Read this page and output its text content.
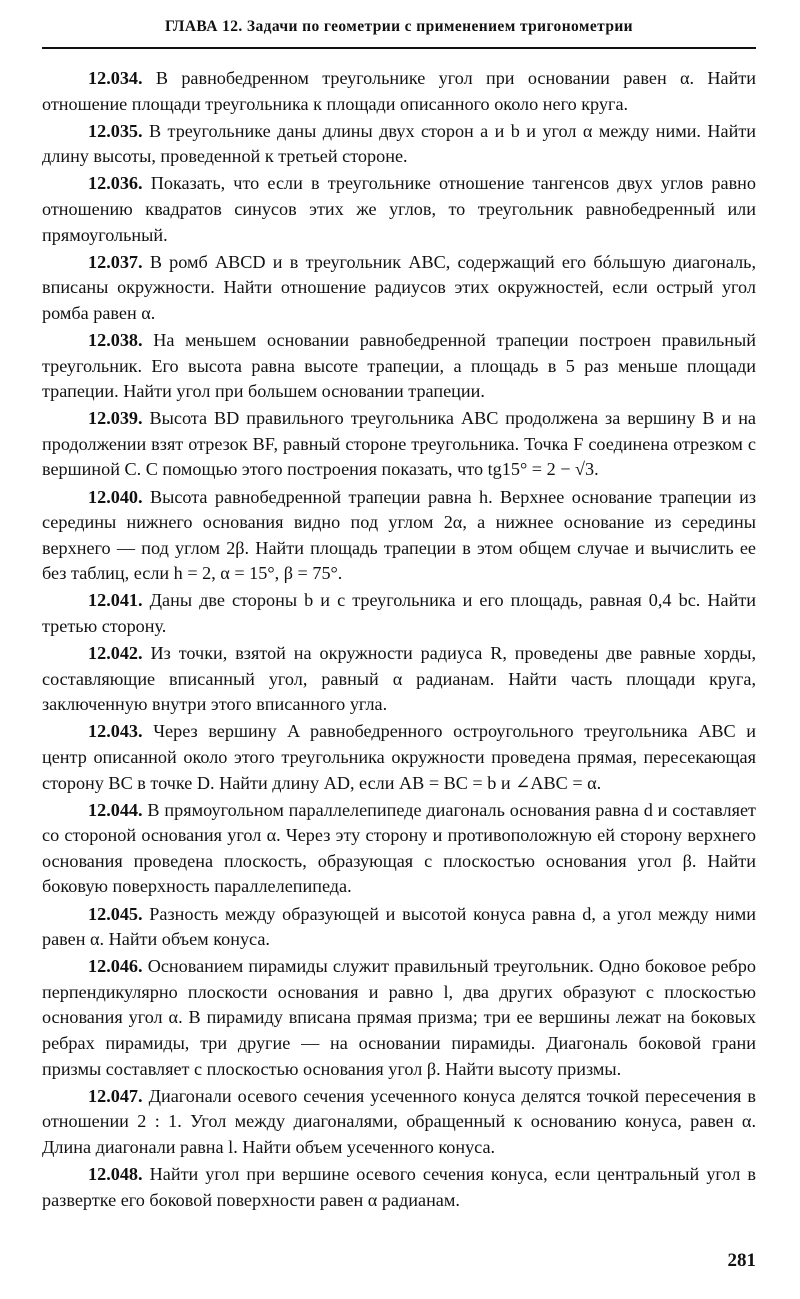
ГЛАВА 12. Задачи по геометрии с применением тригонометрии

12.034. В равнобедренном треугольнике угол при основании равен α. Найти отношение площади треугольника к площади описанного около него круга.

12.035. В треугольнике даны длины двух сторон a и b и угол α между ними. Найти длину высоты, проведенной к третьей стороне.

12.036. Показать, что если в треугольнике отношение тангенсов двух углов равно отношению квадратов синусов этих же углов, то треугольник равнобедренный или прямоугольный.

12.037. В ромб ABCD и в треугольник ABC, содержащий его бóльшую диагональ, вписаны окружности. Найти отношение радиусов этих окружностей, если острый угол ромба равен α.

12.038. На меньшем основании равнобедренной трапеции построен правильный треугольник. Его высота равна высоте трапеции, а площадь в 5 раз меньше площади трапеции. Найти угол при большем основании трапеции.

12.039. Высота BD правильного треугольника ABC продолжена за вершину B и на продолжении взят отрезок BF, равный стороне треугольника. Точка F соединена отрезком с вершиной C. С помощью этого построения показать, что tg15° = 2 − √3.

12.040. Высота равнобедренной трапеции равна h. Верхнее основание трапеции из середины нижнего основания видно под углом 2α, а нижнее основание из середины верхнего — под углом 2β. Найти площадь трапеции в этом общем случае и вычислить ее без таблиц, если h = 2, α = 15°, β = 75°.

12.041. Даны две стороны b и c треугольника и его площадь, равная 0,4 bc. Найти третью сторону.

12.042. Из точки, взятой на окружности радиуса R, проведены две равные хорды, составляющие вписанный угол, равный α радианам. Найти часть площади круга, заключенную внутри этого вписанного угла.

12.043. Через вершину A равнобедренного остроугольного треугольника ABC и центр описанной около этого треугольника окружности проведена прямая, пересекающая сторону BC в точке D. Найти длину AD, если AB = BC = b и ∠ABC = α.

12.044. В прямоугольном параллелепипеде диагональ основания равна d и составляет со стороной основания угол α. Через эту сторону и противоположную ей сторону верхнего основания проведена плоскость, образующая с плоскостью основания угол β. Найти боковую поверхность параллелепипеда.

12.045. Разность между образующей и высотой конуса равна d, а угол между ними равен α. Найти объем конуса.

12.046. Основанием пирамиды служит правильный треугольник. Одно боковое ребро перпендикулярно плоскости основания и равно l, два других образуют с плоскостью основания угол α. В пирамиду вписана прямая призма; три ее вершины лежат на боковых ребрах пирамиды, три другие — на основании пирамиды. Диагональ боковой грани призмы составляет с плоскостью основания угол β. Найти высоту призмы.

12.047. Диагонали осевого сечения усеченного конуса делятся точкой пересечения в отношении 2 : 1. Угол между диагоналями, обращенный к основанию конуса, равен α. Длина диагонали равна l. Найти объем усеченного конуса.

12.048. Найти угол при вершине осевого сечения конуса, если центральный угол в развертке его боковой поверхности равен α радианам.

281
